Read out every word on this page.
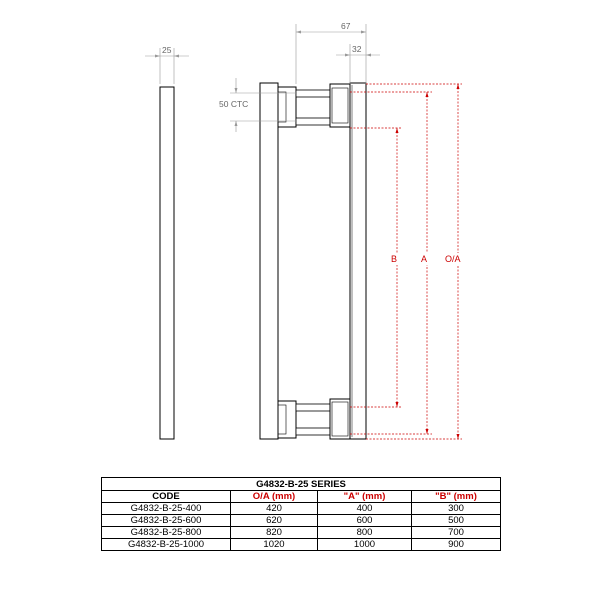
25
67
32
50 CTC
B	A O/A
G4832-B-25 SERIES			
CODE	O/A (mm)	"A" (mm)	"B" (mm)
G4832-B-25-400	420	400	300
G4832-B-25-600	620	600	500
G4832-B-25-800	820	800	700
G4832-B-25-1000	1020	1000	900
